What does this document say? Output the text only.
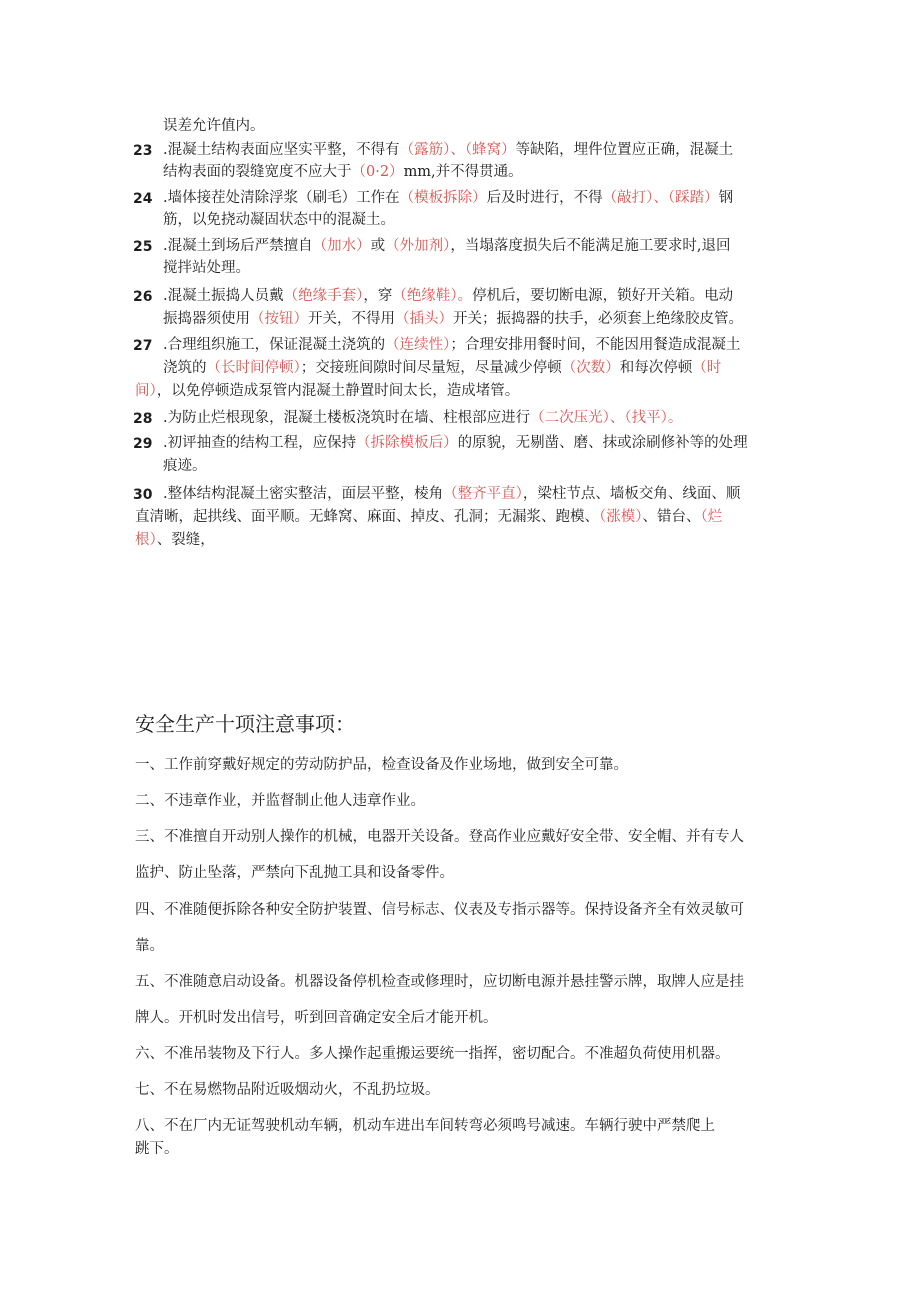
误差允许值内。
23 .混凝土结构表面应坚实平整，不得有（露筋）、（蜂窝）等缺陷，埋件位置应正确，混凝土
结构表面的裂缝宽度不应大于（0·2）mm,并不得贯通。
24 .墙体接茬处清除浮浆（刷毛）工作在（模板拆除）后及时进行，不得（敲打）、（踩踏）钢
筋，以免挠动凝固状态中的混凝土。
25 .混凝土到场后严禁擅自（加水）或（外加剂），当塌落度损失后不能满足施工要求时,退回
搅拌站处理。
26 .混凝土振捣人员戴（绝缘手套），穿（绝缘鞋）。停机后，要切断电源，锁好开关箱。电动
振捣器须使用（按钮）开关，不得用（插头）开关；振捣器的扶手，必须套上绝缘胶皮管。
27 .合理组织施工，保证混凝土浇筑的（连续性）；合理安排用餐时间，不能因用餐造成混凝土
浇筑的（长时间停顿）；交接班间隙时间尽量短，尽量减少停顿（次数）和每次停顿（时
间），以免停顿造成泵管内混凝土静置时间太长，造成堵管。
28 .为防止烂根现象，混凝土楼板浇筑时在墙、柱根部应进行（二次压光）、（找平）。
29 .初评抽查的结构工程，应保持（拆除模板后）的原貌，无剔凿、磨、抹或涂刷修补等的处理
痕迹。
30 .整体结构混凝土密实整洁，面层平整，棱角（整齐平直），梁柱节点、墙板交角、线面、顺
直清晰，起拱线、面平顺。无蜂窝、麻面、掉皮、孔洞；无漏浆、跑模、（涨模）、错台、（烂
根）、裂缝，
安全生产十项注意事项：
一、工作前穿戴好规定的劳动防护品，检查设备及作业场地，做到安全可靠。
二、不违章作业，并监督制止他人违章作业。
三、不准擅自开动别人操作的机械，电器开关设备。登高作业应戴好安全带、安全帽、并有专人
监护、防止坠落，严禁向下乱抛工具和设备零件。
四、不准随便拆除各种安全防护装置、信号标志、仪表及专指示器等。保持设备齐全有效灵敏可
靠。
五、不准随意启动设备。机器设备停机检查或修理时，应切断电源并悬挂警示牌，取牌人应是挂
牌人。开机时发出信号，听到回音确定安全后才能开机。
六、不准吊装物及下行人。多人操作起重搬运要统一指挥，密切配合。不准超负荷使用机器。
七、不在易燃物品附近吸烟动火，不乱扔垃圾。
八、不在厂内无证驾驶机动车辆，机动车进出车间转弯必须鸣号减速。车辆行驶中严禁爬上
跳下。
